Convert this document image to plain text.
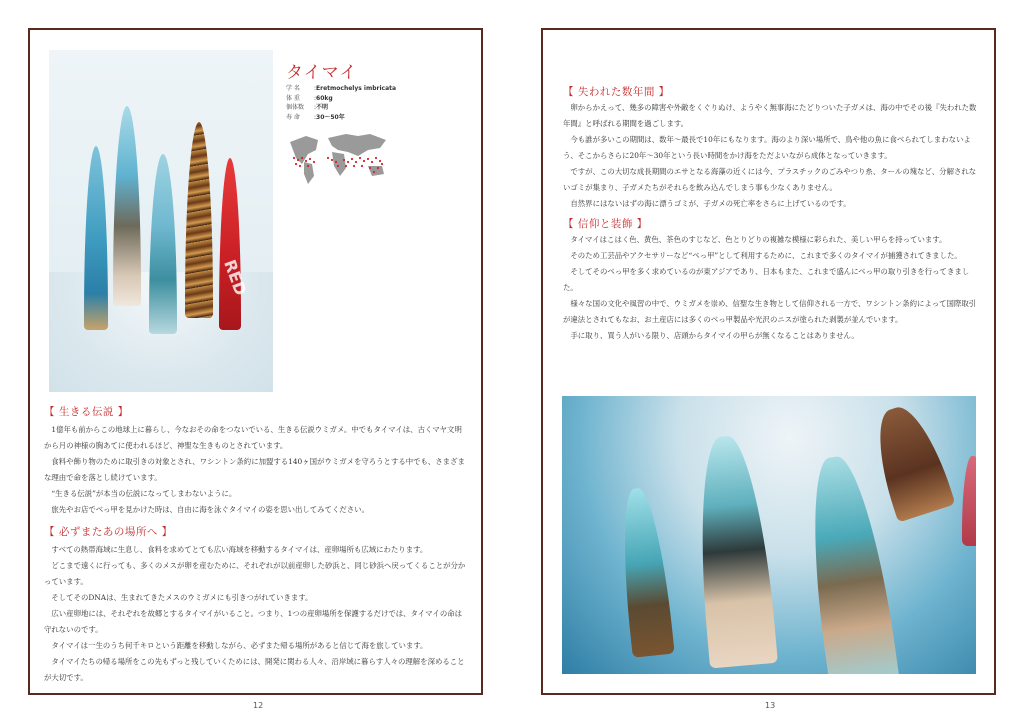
RED
タイマイ
学 名	: Eretmochelys imbricata
体 重	: 60kg
個体数	: 不明
寿 命	: 30〜50年
【 生きる伝説 】

1億年も前からこの地球上に暮らし、今なおその命をつないでいる、生きる伝説ウミガメ。中でもタイマイは、古くマヤ文明から月の神様の胸あてに使われるほど、神聖な生きものとされています。

食料や飾り物のために取引きの対象とされ、ワシントン条約に加盟する140ヶ国がウミガメを守ろうとする中でも、さまざまな理由で命を落とし続けています。

“生きる伝説”が本当の伝説になってしまわないように。

旅先やお店でべっ甲を見かけた時は、自由に海を泳ぐタイマイの姿を思い出してみてください。

【 必ずまたあの場所へ 】

すべての熱帯海域に生息し、食料を求めてとても広い海域を移動するタイマイは、産卵場所も広域にわたります。

どこまで遠くに行っても、多くのメスが卵を産むために、それぞれが以前産卵した砂浜と、同じ砂浜へ戻ってくることが分かっています。

そしてそのDNAは、生まれてきたメスのウミガメにも引きつがれていきます。

広い産卵地には、それぞれを故郷とするタイマイがいること。つまり、1つの産卵場所を保護するだけでは、タイマイの命は守れないのです。

タイマイは一生のうち何千キロという距離を移動しながら、必ずまた帰る場所があると信じて海を旅しています。

タイマイたちの帰る場所をこの先もずっと残していくためには、開発に関わる人々、沿岸域に暮らす人々の理解を深めることが大切です。

12
【 失われた数年間 】

卵からかえって、幾多の障害や外敵をくぐりぬけ、ようやく無事海にたどりついた子ガメは、海の中でその後『失われた数年間』と呼ばれる期間を過ごします。

今も誰が多いこの期間は、数年〜最長で10年にもなります。海のより深い場所で、鳥や他の魚に食べられてしまわないよう、そこからさらに20年〜30年という長い時間をかけ海をただよいながら成体となっていきます。

ですが、この大切な成長期間のエサとなる海藻の近くには今、プラスチックのごみやつり糸、タールの塊など、分解されないゴミが集まり、子ガメたちがそれらを飲み込んでしまう事も少なくありません。

自然界にはないはずの海に漂うゴミが、子ガメの死亡率をさらに上げているのです。

【 信仰と装飾 】

タイマイはこはく色、黄色、茶色のすじなど、色とりどりの複雑な模様に彩られた、美しい甲らを持っています。

そのため工芸品やアクセサリーなど“べっ甲”として利用するために、これまで多くのタイマイが捕獲されてきました。

そしてそのべっ甲を多く求めているのが東アジアであり、日本もまた、これまで盛んにべっ甲の取り引きを行ってきました。

様々な国の文化や風習の中で、ウミガメを崇め、信聖な生き物として信仰される一方で、ワシントン条約によって国際取引が違法とされてもなお、お土産店には多くのべっ甲製品や光沢のニスが塗られた剥製が並んでいます。

手に取り、買う人がいる限り、店頭からタイマイの甲らが無くなることはありません。

13
